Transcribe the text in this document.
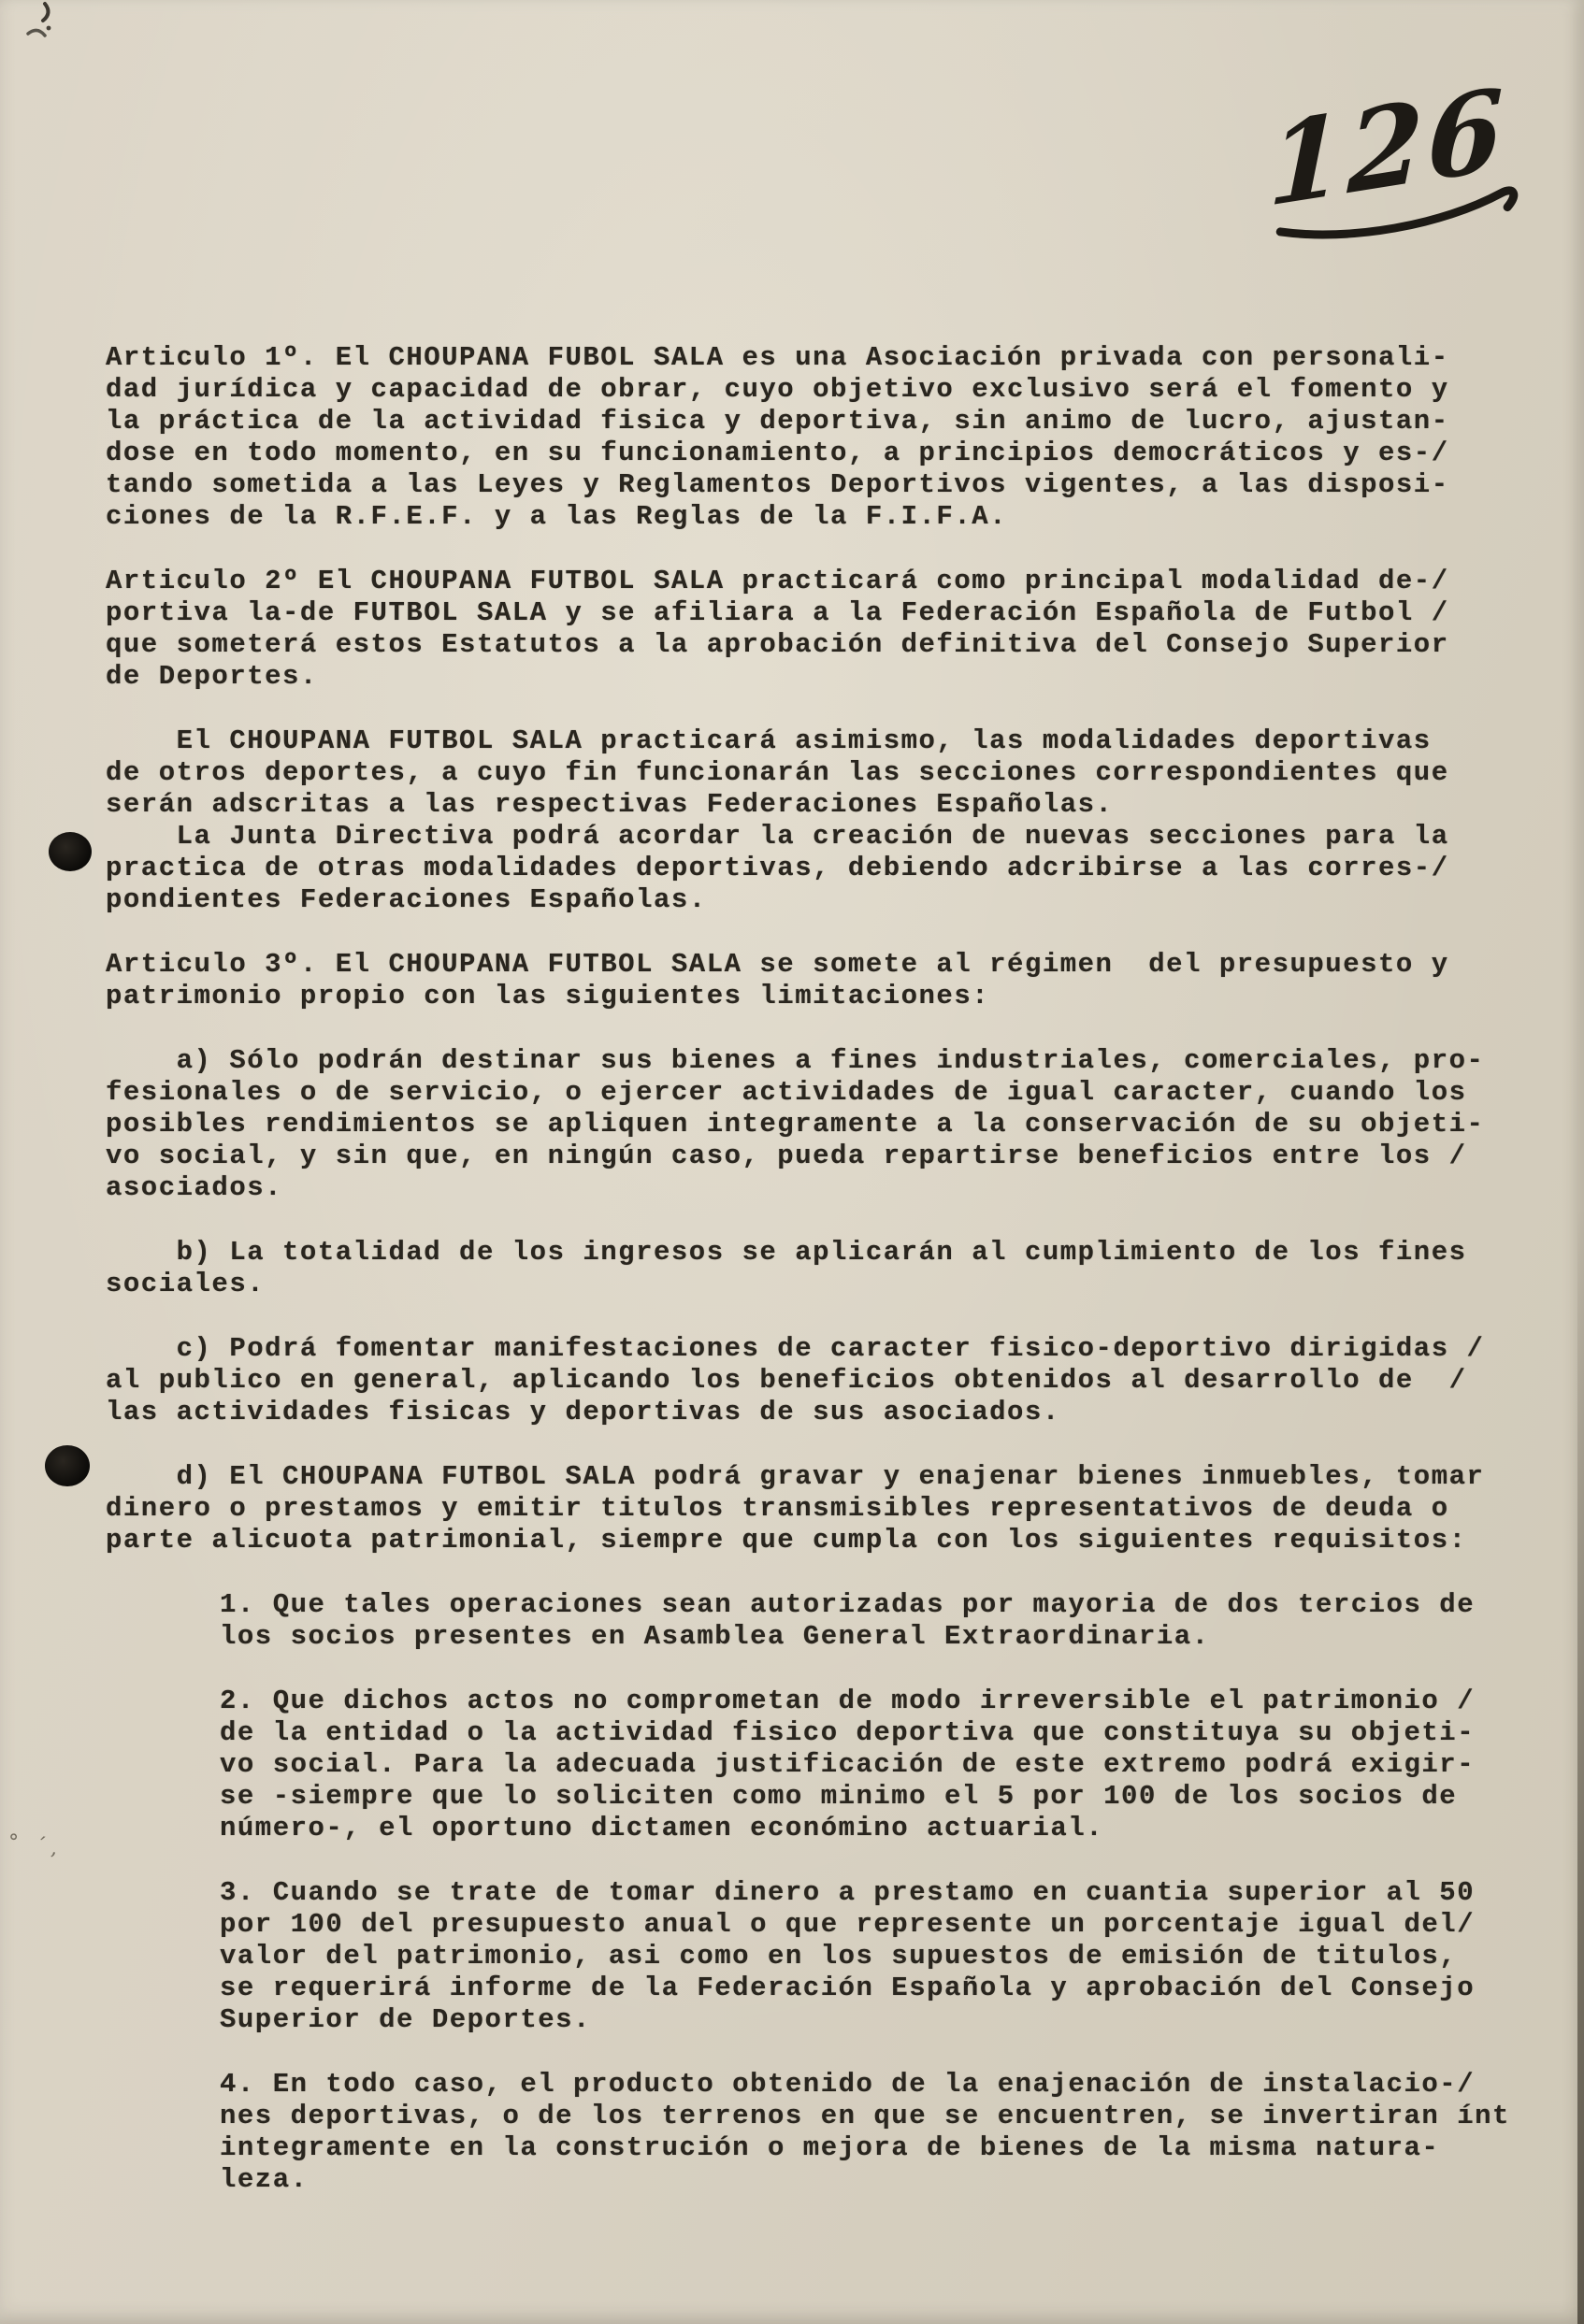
126
° ´,
Articulo 1º. El CHOUPANA FUBOL SALA es una Asociación privada con personali-
dad jurídica y capacidad de obrar, cuyo objetivo exclusivo será el fomento y
la práctica de la actividad fisica y deportiva, sin animo de lucro, ajustan-
dose en todo momento, en su funcionamiento, a principios democráticos y es-/
tando sometida a las Leyes y Reglamentos Deportivos vigentes, a las disposi-
ciones de la R.F.E.F. y a las Reglas de la F.I.F.A.
Articulo 2º El CHOUPANA FUTBOL SALA practicará como principal modalidad de-/
portiva la-de FUTBOL SALA y se afiliara a la Federación Española de Futbol /
que someterá estos Estatutos a la aprobación definitiva del Consejo Superior
de Deportes.
El CHOUPANA FUTBOL SALA practicará asimismo, las modalidades deportivas
de otros deportes, a cuyo fin funcionarán las secciones correspondientes que
serán adscritas a las respectivas Federaciones Españolas.
La Junta Directiva podrá acordar la creación de nuevas secciones para la
practica de otras modalidades deportivas, debiendo adcribirse a las corres-/
pondientes Federaciones Españolas.
Articulo 3º. El CHOUPANA FUTBOL SALA se somete al régimen  del presupuesto y
patrimonio propio con las siguientes limitaciones:
a) Sólo podrán destinar sus bienes a fines industriales, comerciales, pro-
fesionales o de servicio, o ejercer actividades de igual caracter, cuando los
posibles rendimientos se apliquen integramente a la conservación de su objeti-
vo social, y sin que, en ningún caso, pueda repartirse beneficios entre los /
asociados.
b) La totalidad de los ingresos se aplicarán al cumplimiento de los fines
sociales.
c) Podrá fomentar manifestaciones de caracter fisico-deportivo dirigidas /
al publico en general, aplicando los beneficios obtenidos al desarrollo de  /
las actividades fisicas y deportivas de sus asociados.
d) El CHOUPANA FUTBOL SALA podrá gravar y enajenar bienes inmuebles, tomar
dinero o prestamos y emitir titulos transmisibles representativos de deuda o
parte alicuota patrimonial, siempre que cumpla con los siguientes requisitos:
1. Que tales operaciones sean autorizadas por mayoria de dos tercios de
los socios presentes en Asamblea General Extraordinaria.
2. Que dichos actos no comprometan de modo irreversible el patrimonio /
de la entidad o la actividad fisico deportiva que constituya su objeti-
vo social. Para la adecuada justificación de este extremo podrá exigir-
se -siempre que lo soliciten como minimo el 5 por 100 de los socios de
número-, el oportuno dictamen económino actuarial.
3. Cuando se trate de tomar dinero a prestamo en cuantia superior al 50
por 100 del presupuesto anual o que represente un porcentaje igual del/
valor del patrimonio, asi como en los supuestos de emisión de titulos,
se requerirá informe de la Federación Española y aprobación del Consejo
Superior de Deportes.
4. En todo caso, el producto obtenido de la enajenación de instalacio-/
nes deportivas, o de los terrenos en que se encuentren, se invertiran ínt
integramente en la construción o mejora de bienes de la misma natura-
leza.
